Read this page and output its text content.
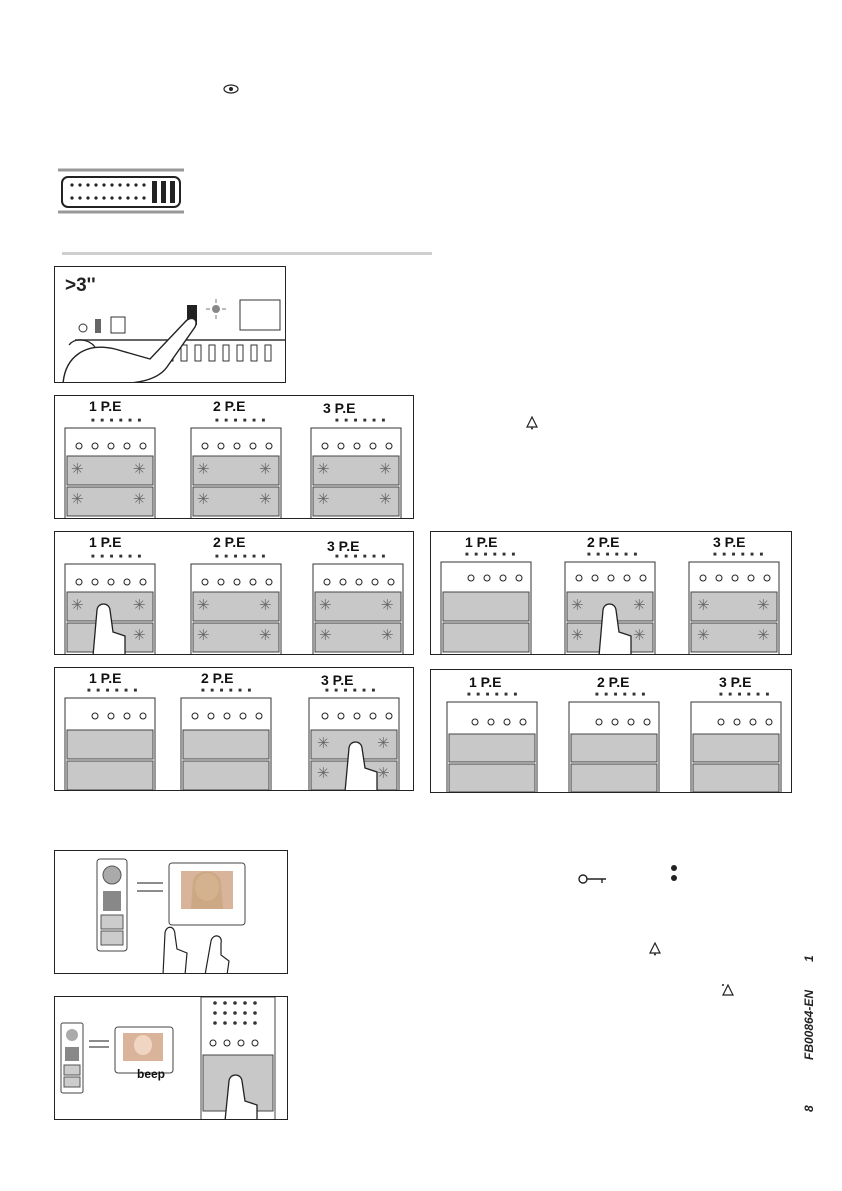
>3''
1 P.E	2 P.E	3 P.E
■ ■ ■ ■ ■ ■	■ ■ ■ ■ ■ ■	■ ■ ■ ■ ■ ■
✳	✳
✳	✳
✳	✳
✳	✳
✳	✳
✳	✳
1 P.E	2 P.E	3 P.E
■ ■ ■ ■ ■ ■	■ ■ ■ ■ ■ ■	■ ■ ■ ■ ■ ■
✳	✳
✳
✳	✳
✳	✳
✳	✳
✳	✳
1 P.E	2 P.E	3 P.E
■ ■ ■ ■ ■ ■	■ ■ ■ ■ ■ ■	■ ■ ■ ■ ■ ■
✳	✳
✳	✳
✳	✳
✳	✳
1 P.E	2 P.E	3 P.E
■ ■ ■ ■ ■ ■	■ ■ ■ ■ ■ ■	■ ■ ■ ■ ■ ■
✳	✳
✳	✳
1 P.E	2 P.E	3 P.E
■ ■ ■ ■ ■ ■	■ ■ ■ ■ ■ ■	■ ■ ■ ■ ■ ■
beep
FB00864-EN
8
1
